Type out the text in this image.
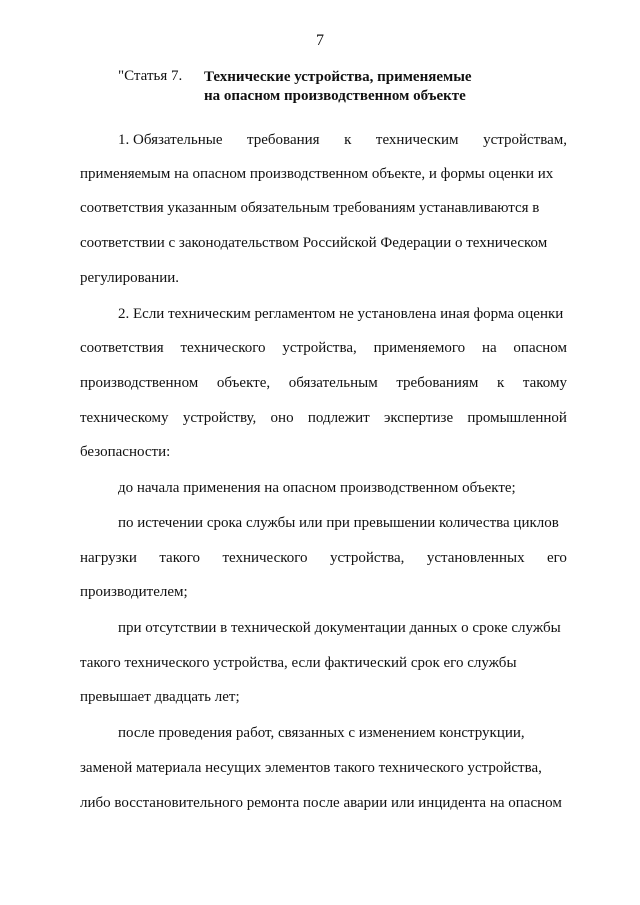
7
"Статья 7. Технические устройства, применяемые
на опасном производственном объекте
1. Обязательные требования к техническим устройствам,
применяемым на опасном производственном объекте, и формы оценки их
соответствия указанным обязательным требованиям устанавливаются в
соответствии с законодательством Российской Федерации о техническом
регулировании.
2. Если техническим регламентом не установлена иная форма оценки
соответствия технического устройства, применяемого на опасном
производственном объекте, обязательным требованиям к такому
техническому устройству, оно подлежит экспертизе промышленной
безопасности:
до начала применения на опасном производственном объекте;
по истечении срока службы или при превышении количества циклов
нагрузки такого технического устройства, установленных его
производителем;
при отсутствии в технической документации данных о сроке службы
такого технического устройства, если фактический срок его службы
превышает двадцать лет;
после проведения работ, связанных с изменением конструкции,
заменой материала несущих элементов такого технического устройства,
либо восстановительного ремонта после аварии или инцидента на опасном
